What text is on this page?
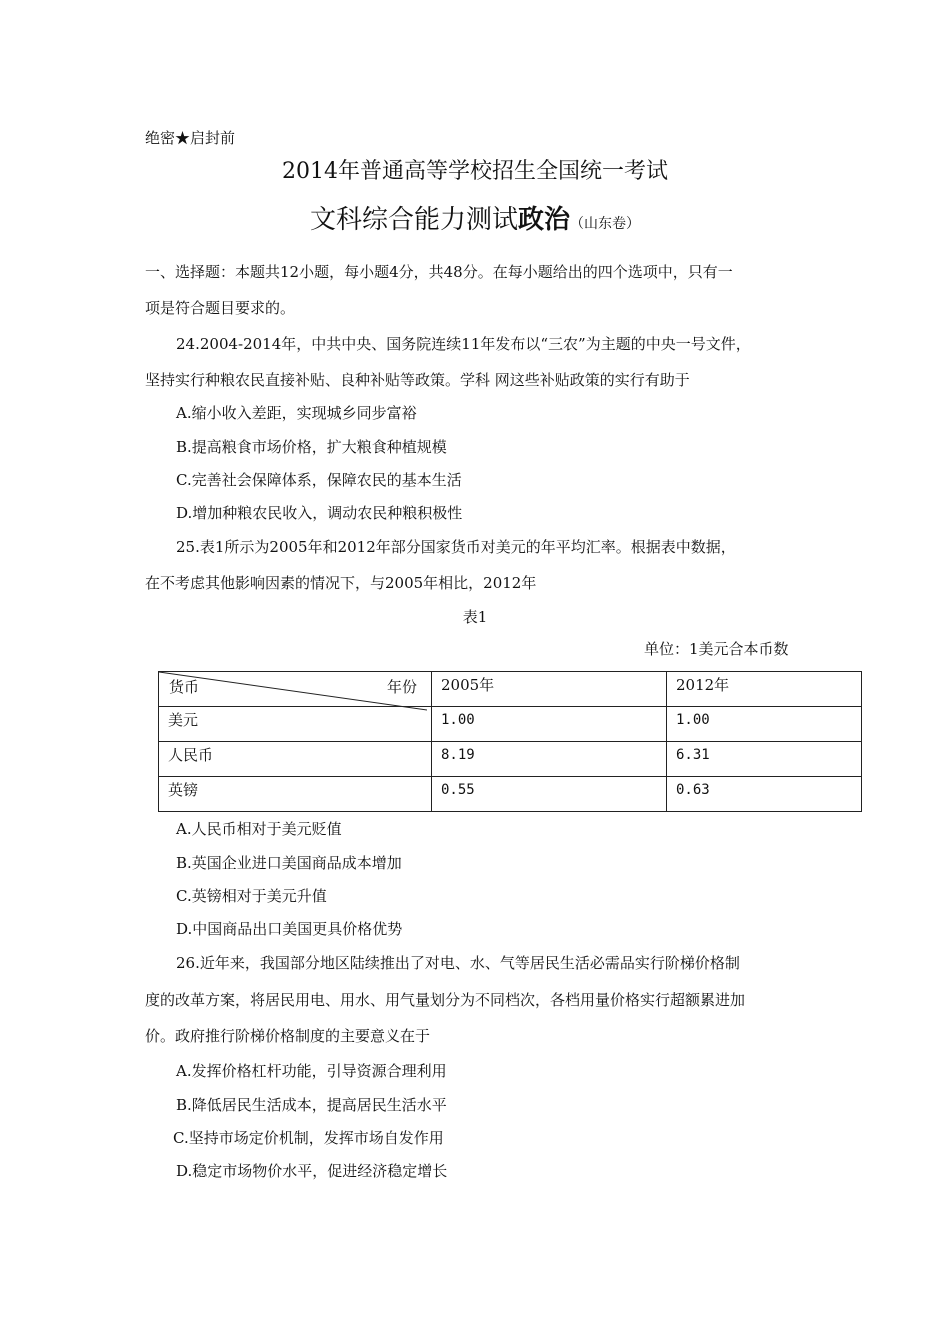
绝密★启封前
2014年普通高等学校招生全国统一考试
文科综合能力测试政治（山东卷）
一、选择题：本题共12小题，每小题4分，共48分。在每小题给出的四个选项中，只有一
项是符合题目要求的。
24.2004-2014年，中共中央、国务院连续11年发布以“三农”为主题的中央一号文件，
坚持实行种粮农民直接补贴、良种补贴等政策。学科 网这些补贴政策的实行有助于
A.缩小收入差距，实现城乡同步富裕
B.提高粮食市场价格，扩大粮食种植规模
C.完善社会保障体系，保障农民的基本生活
D.增加种粮农民收入，调动农民种粮积极性
25.表1所示为2005年和2012年部分国家货币对美元的年平均汇率。根据表中数据，
在不考虑其他影响因素的情况下，与2005年相比，2012年
表1
单位：1美元合本币数
货币 年份	2005年	2012年
美元	1.00	1.00
人民币	8.19	6.31
英镑	0.55	0.63
A.人民币相对于美元贬值
B.英国企业进口美国商品成本增加
C.英镑相对于美元升值
D.中国商品出口美国更具价格优势
26.近年来，我国部分地区陆续推出了对电、水、气等居民生活必需品实行阶梯价格制
度的改革方案，将居民用电、用水、用气量划分为不同档次，各档用量价格实行超额累进加
价。政府推行阶梯价格制度的主要意义在于
A.发挥价格杠杆功能，引导资源合理利用
B.降低居民生活成本，提高居民生活水平
C.坚持市场定价机制，发挥市场自发作用
D.稳定市场物价水平，促进经济稳定增长
